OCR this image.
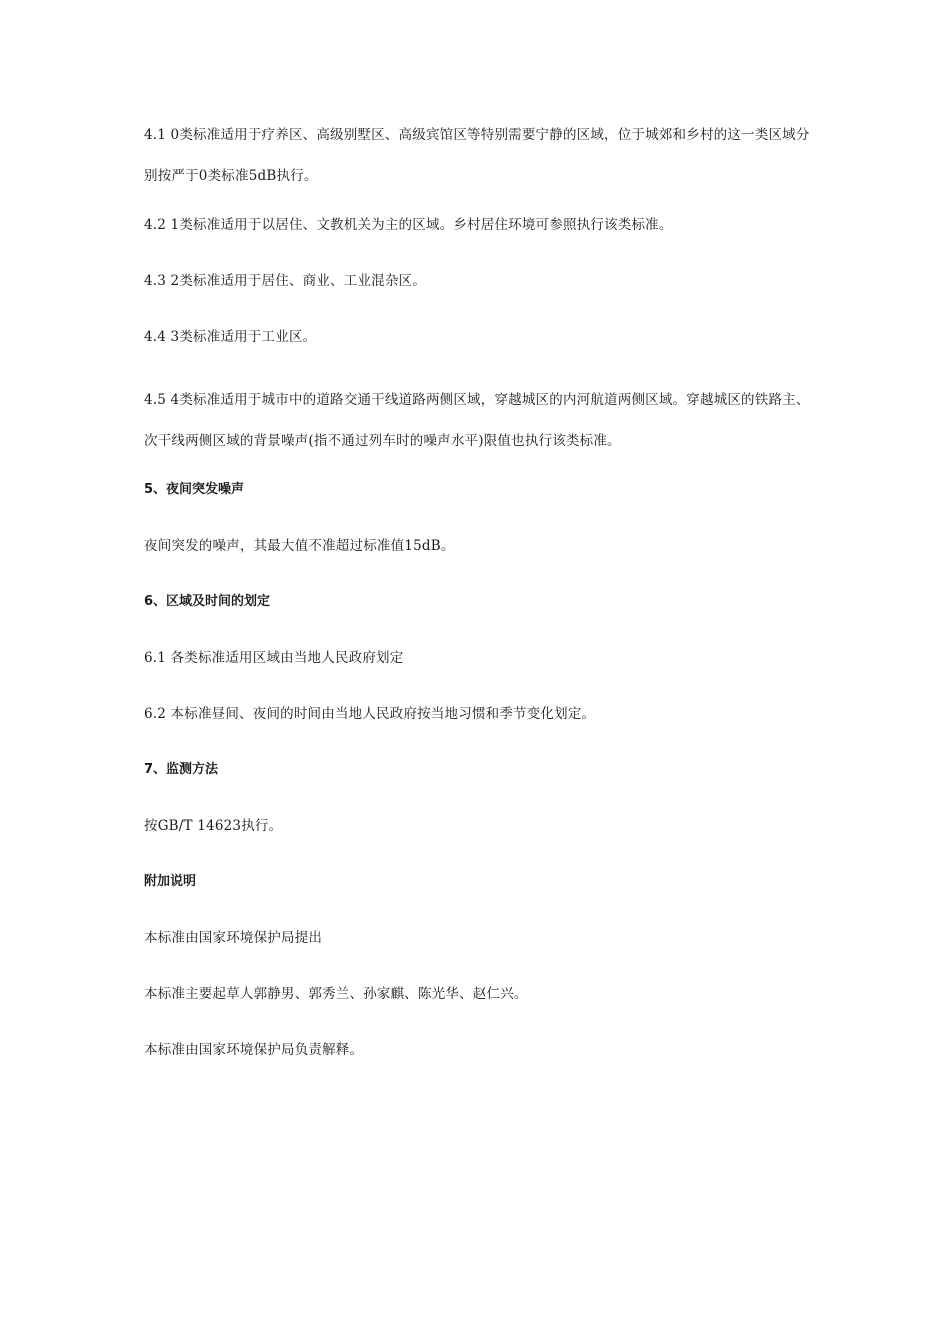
4.1 0类标准适用于疗养区、高级别墅区、高级宾馆区等特别需要宁静的区域，位于城郊和乡村的这一类区域分别按严于0类标准5dB执行。

4.2 1类标准适用于以居住、文教机关为主的区域。乡村居住环境可参照执行该类标准。

4.3 2类标准适用于居住、商业、工业混杂区。

4.4 3类标准适用于工业区。

4.5 4类标准适用于城市中的道路交通干线道路两侧区域，穿越城区的内河航道两侧区域。穿越城区的铁路主、次干线两侧区域的背景噪声(指不通过列车时的噪声水平)限值也执行该类标准。

5、夜间突发噪声

夜间突发的噪声，其最大值不准超过标准值15dB。

6、区域及时间的划定

6.1 各类标准适用区域由当地人民政府划定

6.2 本标准昼间、夜间的时间由当地人民政府按当地习惯和季节变化划定。

7、监测方法

按GB/T 14623执行。

附加说明

本标准由国家环境保护局提出

本标准主要起草人郭静男、郭秀兰、孙家麒、陈光华、赵仁兴。

本标准由国家环境保护局负责解释。
